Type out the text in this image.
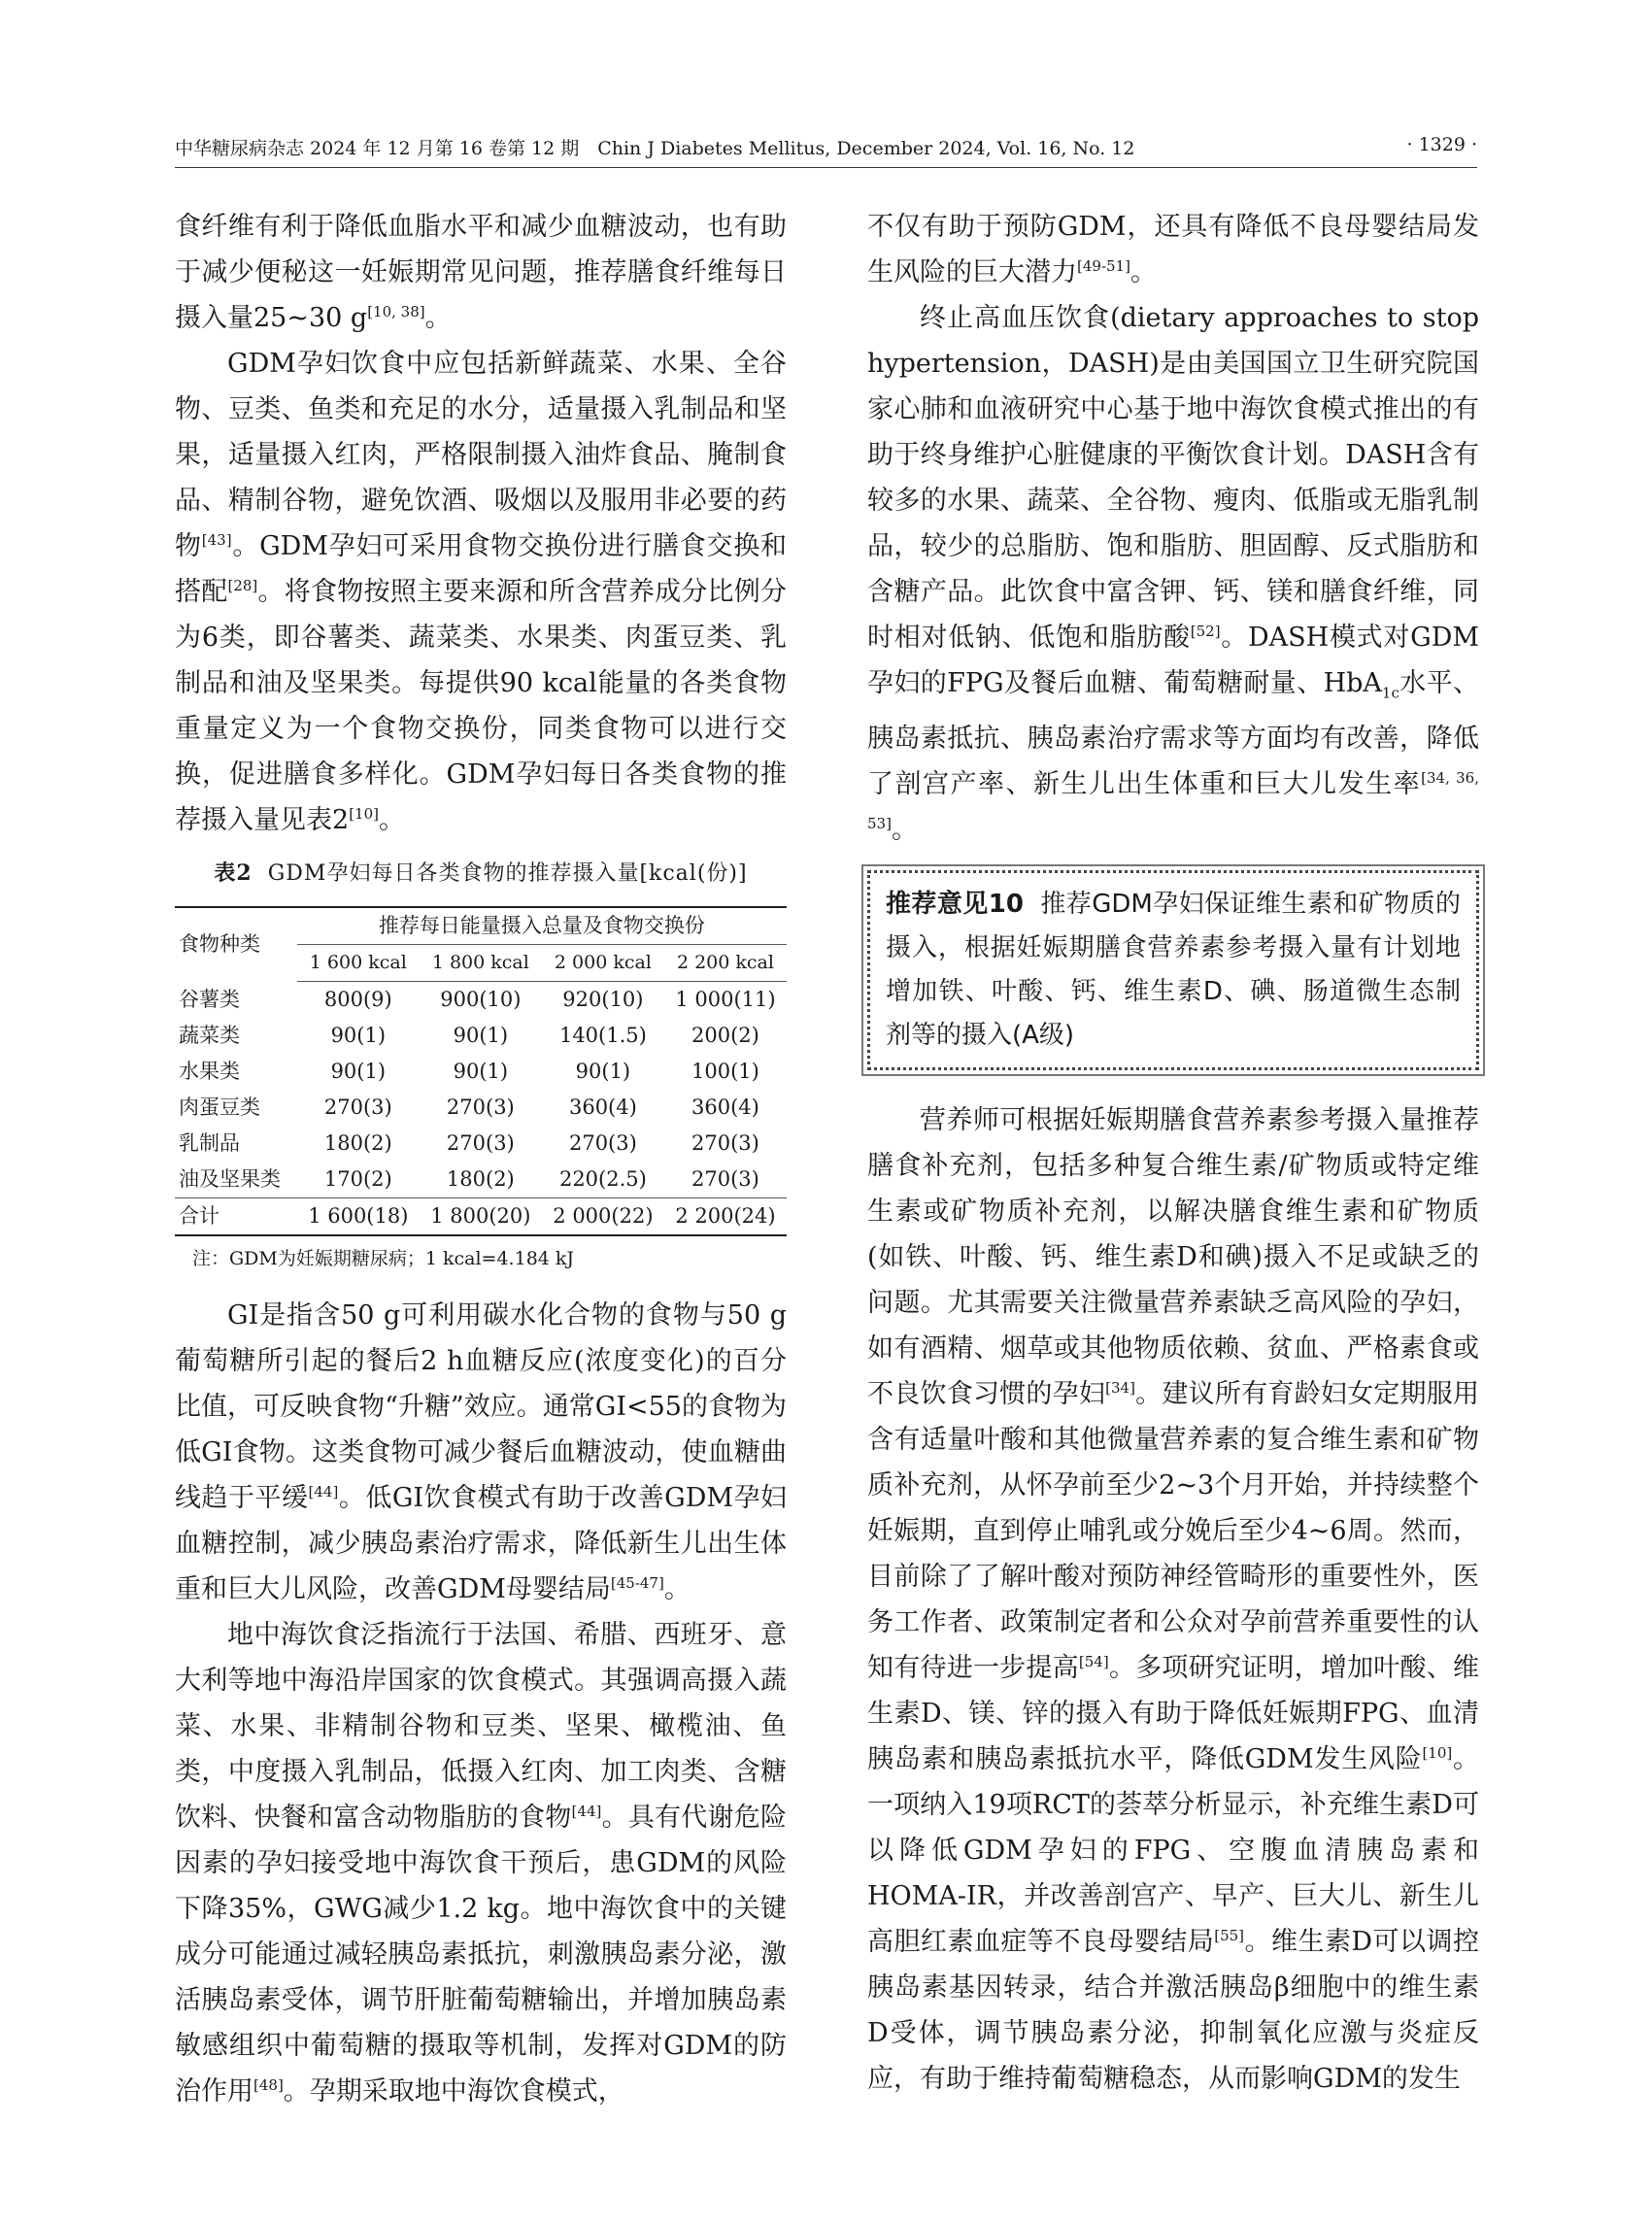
中华糖尿病杂志 2024 年 12 月第 16 卷第 12 期　Chin J Diabetes Mellitus, December 2024, Vol. 16, No. 12	· 1329 ·

食纤维有利于降低血脂水平和减少血糖波动，也有助于减少便秘这一妊娠期常见问题，推荐膳食纤维每日摄入量25~30 g[10, 38]。

GDM孕妇饮食中应包括新鲜蔬菜、水果、全谷物、豆类、鱼类和充足的水分，适量摄入乳制品和坚果，适量摄入红肉，严格限制摄入油炸食品、腌制食品、精制谷物，避免饮酒、吸烟以及服用非必要的药物[43]。GDM孕妇可采用食物交换份进行膳食交换和搭配[28]。将食物按照主要来源和所含营养成分比例分为6类，即谷薯类、蔬菜类、水果类、肉蛋豆类、乳制品和油及坚果类。每提供90 kcal能量的各类食物重量定义为一个食物交换份，同类食物可以进行交换，促进膳食多样化。GDM孕妇每日各类食物的推荐摄入量见表2[10]。

表2 GDM孕妇每日各类食物的推荐摄入量[kcal(份)]
食物种类	推荐每日能量摄入总量及食物交换份			
	1 600 kcal	1 800 kcal	2 000 kcal	2 200 kcal
谷薯类	800(9)	900(10)	920(10)	1 000(11)
蔬菜类	90(1)	90(1)	140(1.5)	200(2)
水果类	90(1)	90(1)	90(1)	100(1)
肉蛋豆类	270(3)	270(3)	360(4)	360(4)
乳制品	180(2)	270(3)	270(3)	270(3)
油及坚果类	170(2)	180(2)	220(2.5)	270(3)
合计	1 600(18)	1 800(20)	2 000(22)	2 200(24)
注：GDM为妊娠期糖尿病；1 kcal=4.184 kJ

GI是指含50 g可利用碳水化合物的食物与50 g葡萄糖所引起的餐后2 h血糖反应(浓度变化)的百分比值，可反映食物“升糖”效应。通常GI<55的食物为低GI食物。这类食物可减少餐后血糖波动，使血糖曲线趋于平缓[44]。低GI饮食模式有助于改善GDM孕妇血糖控制，减少胰岛素治疗需求，降低新生儿出生体重和巨大儿风险，改善GDM母婴结局[45-47]。

地中海饮食泛指流行于法国、希腊、西班牙、意大利等地中海沿岸国家的饮食模式。其强调高摄入蔬菜、水果、非精制谷物和豆类、坚果、橄榄油、鱼类，中度摄入乳制品，低摄入红肉、加工肉类、含糖饮料、快餐和富含动物脂肪的食物[44]。具有代谢危险因素的孕妇接受地中海饮食干预后，患GDM的风险下降35%，GWG减少1.2 kg。地中海饮食中的关键成分可能通过减轻胰岛素抵抗，刺激胰岛素分泌，激活胰岛素受体，调节肝脏葡萄糖输出，并增加胰岛素敏感组织中葡萄糖的摄取等机制，发挥对GDM的防治作用[48]。孕期采取地中海饮食模式，

不仅有助于预防GDM，还具有降低不良母婴结局发生风险的巨大潜力[49-51]。

终止高血压饮食(dietary approaches to stop hypertension，DASH)是由美国国立卫生研究院国家心肺和血液研究中心基于地中海饮食模式推出的有助于终身维护心脏健康的平衡饮食计划。DASH含有较多的水果、蔬菜、全谷物、瘦肉、低脂或无脂乳制品，较少的总脂肪、饱和脂肪、胆固醇、反式脂肪和含糖产品。此饮食中富含钾、钙、镁和膳食纤维，同时相对低钠、低饱和脂肪酸[52]。DASH模式对GDM孕妇的FPG及餐后血糖、葡萄糖耐量、HbA$_{1c}$水平、胰岛素抵抗、胰岛素治疗需求等方面均有改善，降低了剖宫产率、新生儿出生体重和巨大儿发生率[34, 36, 53]。

推荐意见10 推荐GDM孕妇保证维生素和矿物质的摄入，根据妊娠期膳食营养素参考摄入量有计划地增加铁、叶酸、钙、维生素D、碘、肠道微生态制剂等的摄入(A级)

营养师可根据妊娠期膳食营养素参考摄入量推荐膳食补充剂，包括多种复合维生素/矿物质或特定维生素或矿物质补充剂，以解决膳食维生素和矿物质(如铁、叶酸、钙、维生素D和碘)摄入不足或缺乏的问题。尤其需要关注微量营养素缺乏高风险的孕妇，如有酒精、烟草或其他物质依赖、贫血、严格素食或不良饮食习惯的孕妇[34]。建议所有育龄妇女定期服用含有适量叶酸和其他微量营养素的复合维生素和矿物质补充剂，从怀孕前至少2~3个月开始，并持续整个妊娠期，直到停止哺乳或分娩后至少4~6周。然而，目前除了了解叶酸对预防神经管畸形的重要性外，医务工作者、政策制定者和公众对孕前营养重要性的认知有待进一步提高[54]。多项研究证明，增加叶酸、维生素D、镁、锌的摄入有助于降低妊娠期FPG、血清胰岛素和胰岛素抵抗水平，降低GDM发生风险[10]。一项纳入19项RCT的荟萃分析显示，补充维生素D可以降低GDM孕妇的FPG、空腹血清胰岛素和HOMA-IR，并改善剖宫产、早产、巨大儿、新生儿高胆红素血症等不良母婴结局[55]。维生素D可以调控胰岛素基因转录，结合并激活胰岛β细胞中的维生素D受体，调节胰岛素分泌，抑制氧化应激与炎症反应，有助于维持葡萄糖稳态，从而影响GDM的发生
